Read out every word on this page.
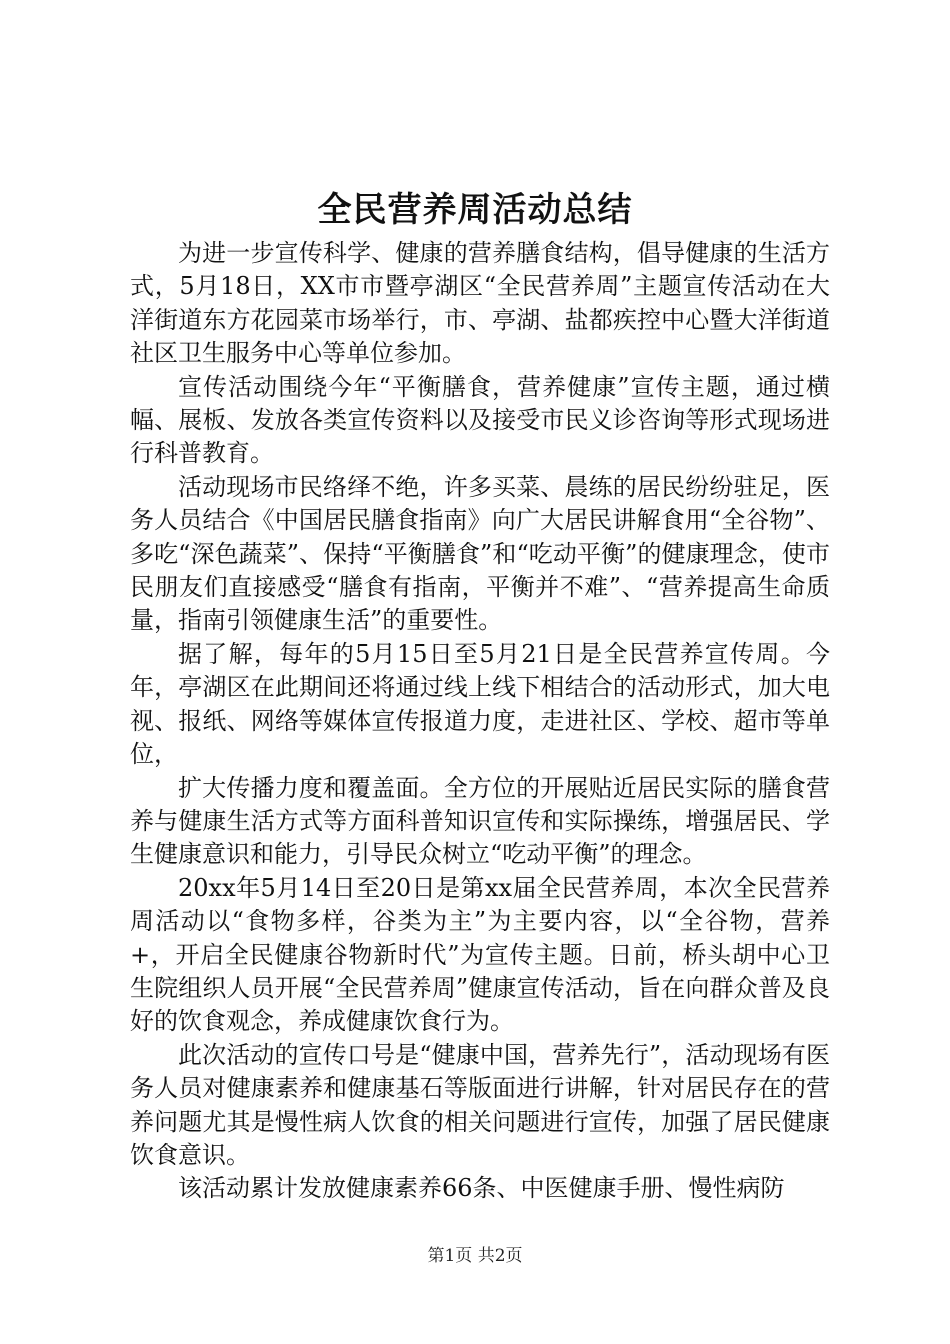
全民营养周活动总结

为进一步宣传科学、健康的营养膳食结构，倡导健康的生活方式，5月18日，XX市市暨亭湖区“全民营养周”主题宣传活动在大洋街道东方花园菜市场举行，市、亭湖、盐都疾控中心暨大洋街道社区卫生服务中心等单位参加。

宣传活动围绕今年“平衡膳食，营养健康”宣传主题，通过横幅、展板、发放各类宣传资料以及接受市民义诊咨询等形式现场进行科普教育。

活动现场市民络绎不绝，许多买菜、晨练的居民纷纷驻足，医务人员结合《中国居民膳食指南》向广大居民讲解食用“全谷物”、多吃“深色蔬菜”、保持“平衡膳食”和“吃动平衡”的健康理念，使市民朋友们直接感受“膳食有指南，平衡并不难”、“营养提高生命质量，指南引领健康生活”的重要性。

据了解，每年的5月15日至5月21日是全民营养宣传周。今年，亭湖区在此期间还将通过线上线下相结合的活动形式，加大电视、报纸、网络等媒体宣传报道力度，走进社区、学校、超市等单位，

扩大传播力度和覆盖面。全方位的开展贴近居民实际的膳食营养与健康生活方式等方面科普知识宣传和实际操练，增强居民、学生健康意识和能力，引导民众树立“吃动平衡”的理念。

20xx年5月14日至20日是第xx届全民营养周，本次全民营养周活动以“食物多样，谷类为主”为主要内容，以“全谷物，营养+，开启全民健康谷物新时代”为宣传主题。日前，桥头胡中心卫生院组织人员开展“全民营养周”健康宣传活动，旨在向群众普及良好的饮食观念，养成健康饮食行为。

此次活动的宣传口号是“健康中国，营养先行”，活动现场有医务人员对健康素养和健康基石等版面进行讲解，针对居民存在的营养问题尤其是慢性病人饮食的相关问题进行宣传，加强了居民健康饮食意识。

该活动累计发放健康素养66条、中医健康手册、慢性病防

第1页 共2页
